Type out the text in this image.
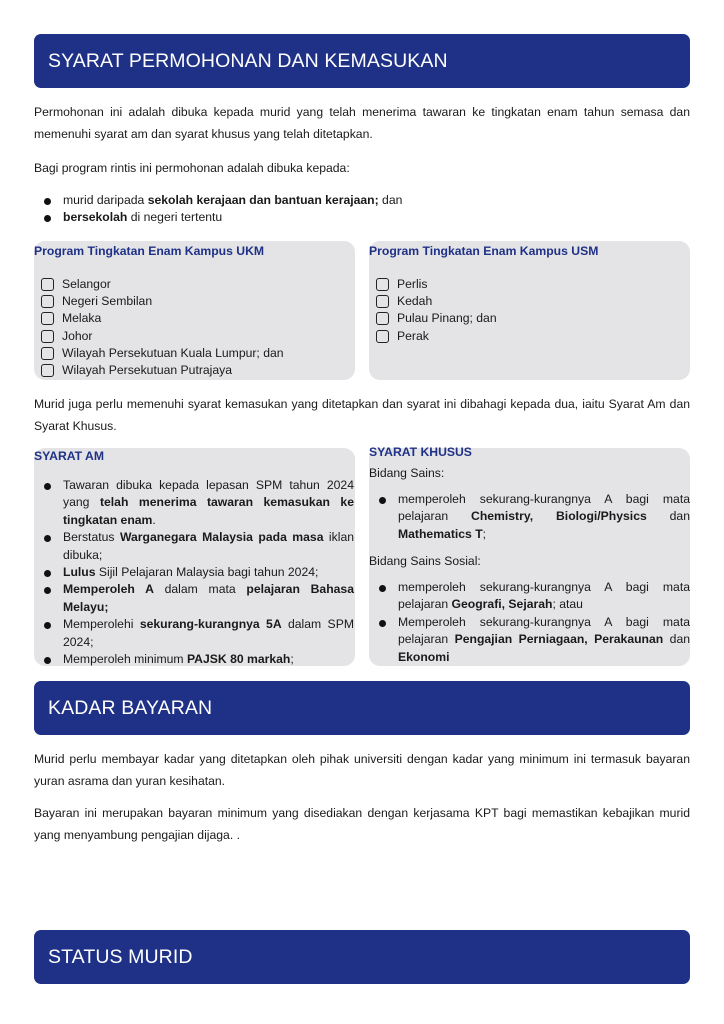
SYARAT PERMOHONAN DAN KEMASUKAN

Permohonan ini adalah dibuka kepada murid yang telah menerima tawaran ke tingkatan enam tahun semasa dan memenuhi syarat am dan syarat khusus yang telah ditetapkan.

Bagi program rintis ini permohonan adalah dibuka kepada:

murid daripada sekolah kerajaan dan bantuan kerajaan; dan
bersekolah di negeri tertentu
Program Tingkatan Enam Kampus UKM
Selangor
Negeri Sembilan
Melaka
Johor
Wilayah Persekutuan Kuala Lumpur; dan
Wilayah Persekutuan Putrajaya
Program Tingkatan Enam Kampus USM
Perlis
Kedah
Pulau Pinang; dan
Perak

Murid juga perlu memenuhi syarat kemasukan yang ditetapkan dan syarat ini dibahagi kepada dua, iaitu Syarat Am dan Syarat Khusus.

SYARAT AM
Tawaran dibuka kepada lepasan SPM tahun 2024 yang telah menerima tawaran kemasukan ke tingkatan enam.
Berstatus Warganegara Malaysia pada masa iklan dibuka;
Lulus Sijil Pelajaran Malaysia bagi tahun 2024;
Memperoleh A dalam mata pelajaran Bahasa Melayu;
Memperolehi sekurang-kurangnya 5A dalam SPM 2024;
Memperoleh minimum PAJSK 80 markah;
SYARAT KHUSUS
Bidang Sains:
memperoleh sekurang-kurangnya A bagi mata pelajaran Chemistry, Biologi/Physics dan Mathematics T;
Bidang Sains Sosial:
memperoleh sekurang-kurangnya A bagi mata pelajaran Geografi, Sejarah; atau
Memperoleh sekurang-kurangnya A bagi mata pelajaran Pengajian Perniagaan, Perakaunan dan Ekonomi
KADAR BAYARAN

Murid perlu membayar kadar yang ditetapkan oleh pihak universiti dengan kadar yang minimum ini termasuk bayaran yuran asrama dan yuran kesihatan.

Bayaran ini merupakan bayaran minimum yang disediakan dengan kerjasama KPT bagi memastikan kebajikan murid yang menyambung pengajian dijaga. .

STATUS MURID
